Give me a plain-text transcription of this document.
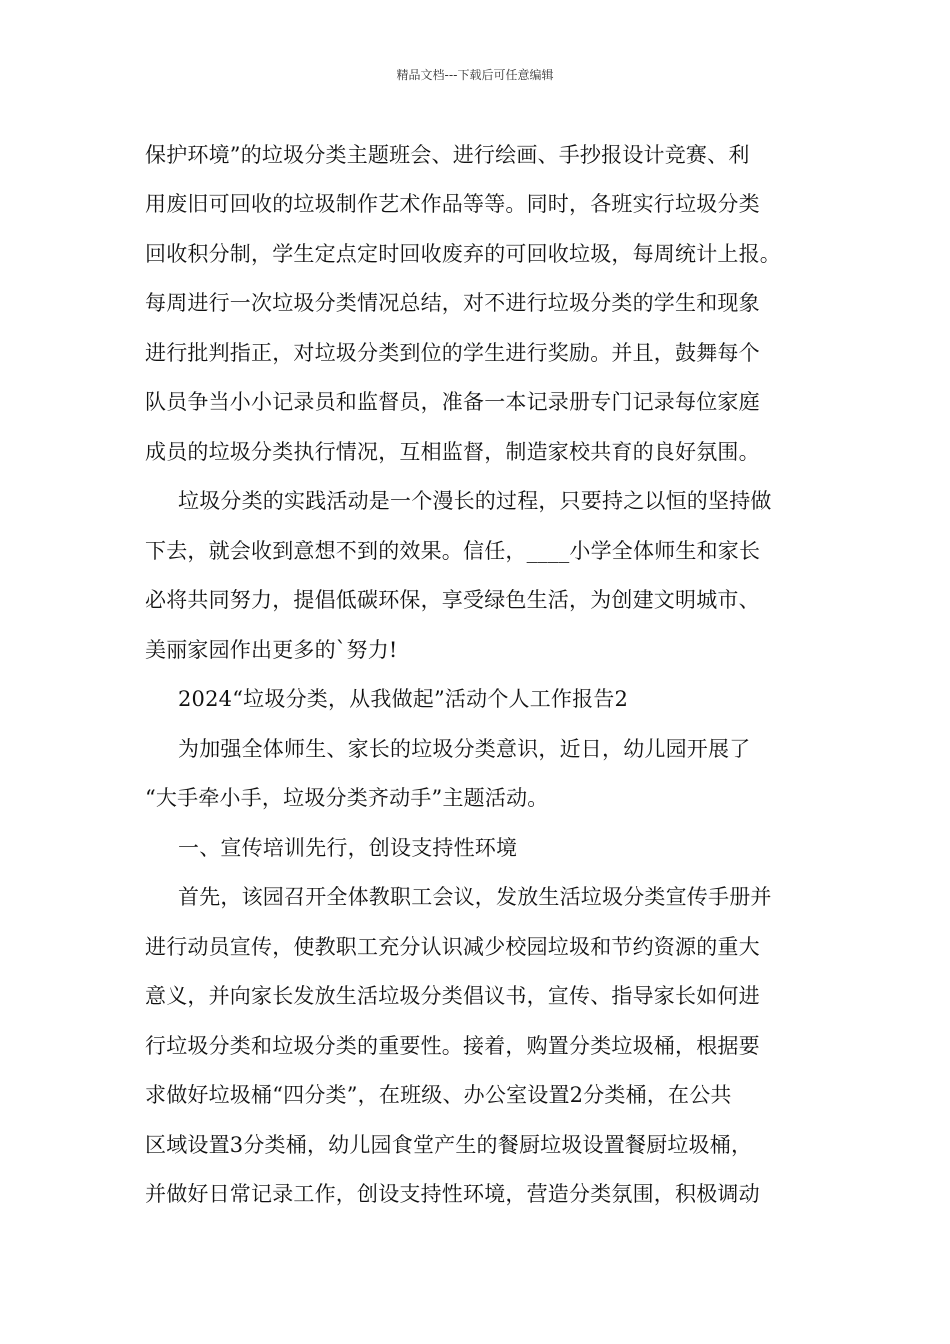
精品文档---下载后可任意编辑
保护环境”的垃圾分类主题班会、进行绘画、手抄报设计竞赛、利
用废旧可回收的垃圾制作艺术作品等等。同时，各班实行垃圾分类
回收积分制，学生定点定时回收废弃的可回收垃圾，每周统计上报。
每周进行一次垃圾分类情况总结，对不进行垃圾分类的学生和现象
进行批判指正，对垃圾分类到位的学生进行奖励。并且，鼓舞每个
队员争当小小记录员和监督员，准备一本记录册专门记录每位家庭
成员的垃圾分类执行情况，互相监督，制造家校共育的良好氛围。
垃圾分类的实践活动是一个漫长的过程，只要持之以恒的坚持做
下去，就会收到意想不到的效果。信任，____小学全体师生和家长
必将共同努力，提倡低碳环保，享受绿色生活，为创建文明城市、
美丽家园作出更多的`努力!
2024“垃圾分类，从我做起”活动个人工作报告2
为加强全体师生、家长的垃圾分类意识，近日，幼儿园开展了
“大手牵小手，垃圾分类齐动手”主题活动。
一、宣传培训先行，创设支持性环境
首先，该园召开全体教职工会议，发放生活垃圾分类宣传手册并
进行动员宣传，使教职工充分认识减少校园垃圾和节约资源的重大
意义，并向家长发放生活垃圾分类倡议书，宣传、指导家长如何进
行垃圾分类和垃圾分类的重要性。接着，购置分类垃圾桶，根据要
求做好垃圾桶“四分类”，在班级、办公室设置2分类桶，在公共
区域设置3分类桶，幼儿园食堂产生的餐厨垃圾设置餐厨垃圾桶，
并做好日常记录工作，创设支持性环境，营造分类氛围，积极调动
